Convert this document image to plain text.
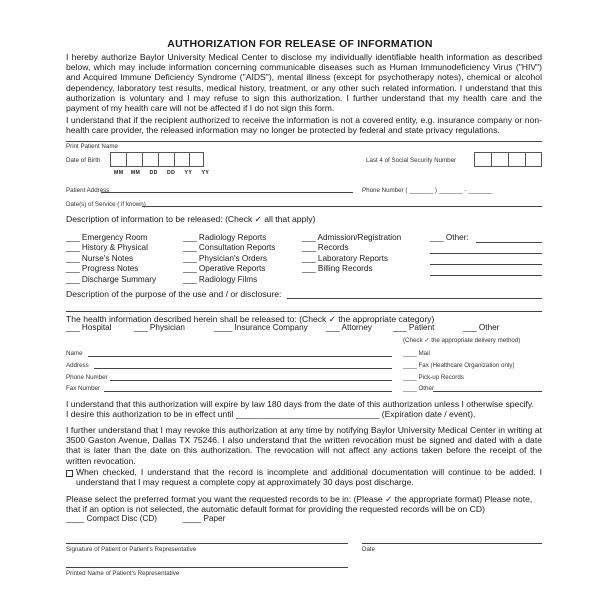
AUTHORIZATION FOR RELEASE OF INFORMATION
I hereby authorize Baylor University Medical Center to disclose my individually identifiable health information as described below, which may include information concerning communicable diseases such as Human Immunodeficiency Virus ("HIV") and Acquired Immune Deficiency Syndrome ("AIDS"), mental illness (except for psychotherapy notes), chemical or alcohol dependency, laboratory test results, medical history, treatment, or any other such related information. I understand that this authorization is voluntary and I may refuse to sign this authorization. I further understand that my health care and the payment of my health care will not be affected if I do not sign this form.
I understand that if the recipient authorized to receive the information is not a covered entity, e.g. insurance company or non-health care provider, the released information may no longer be protected by federal and state privacy regulations.
Print Patient Name
Date of Birth
MM MM DD DD YY YY
Last 4 of Social Security Number
Patient Address	Phone Number ( _______ ) _______ - _______
Date(s) of Service ( if known)
Description of information to be released: (Check ✓ all that apply)
___ Emergency Room
___ History & Physical
___ Nurse's Notes
___ Progress Notes
___ Discharge Summary
___ Radiology Reports
___ Consultation Reports
___ Physician's Orders
___ Operative Reports
___ Radiology Films
___ Admission/Registration
___ Records
___ Laboratory Reports
___ Billing Records
___ Other:
Description of the purpose of the use and / or disclosure:
The health information described herein shall be released to: (Check ✓ the appropriate category)
___ Hospital	___ Physician	____ Insurance Company ___ Attorney	___ Patient	___ Other
(Check ✓ the appropriate delivery method)
Name
Address
Phone Number
Fax Number
____ Mail
____ Fax (Healthcare Organization only)
____ Pick-up Records
____ Other
I understand that this authorization will expire by law 180 days from the date of this authorization unless I otherwise specify.
I desire this authorization to be in effect until ______________________________ (Expiration date / event).
I further understand that I may revoke this authorization at any time by notifying Baylor University Medical Center in writing at 3500 Gaston Avenue, Dallas TX 75246. I also understand that the written revocation must be signed and dated with a date that is later than the date on this authorization. The revocation will not affect any actions taken before the receipt of the written revocation.
When checked, I understand that the record is incomplete and additional documentation will continue to be added. I understand that I may request a complete copy at approximately 30 days post discharge.
Please select the preferred format you want the requested records to be in: (Please ✓ the appropriate format) Please note,
that if an option is not selected, the automatic default format for providing the requested records will be on CD)
____ Compact Disc (CD)	____ Paper
Signature of Patient or Patient's Representative	Date
Printed Name of Patient's Representative
